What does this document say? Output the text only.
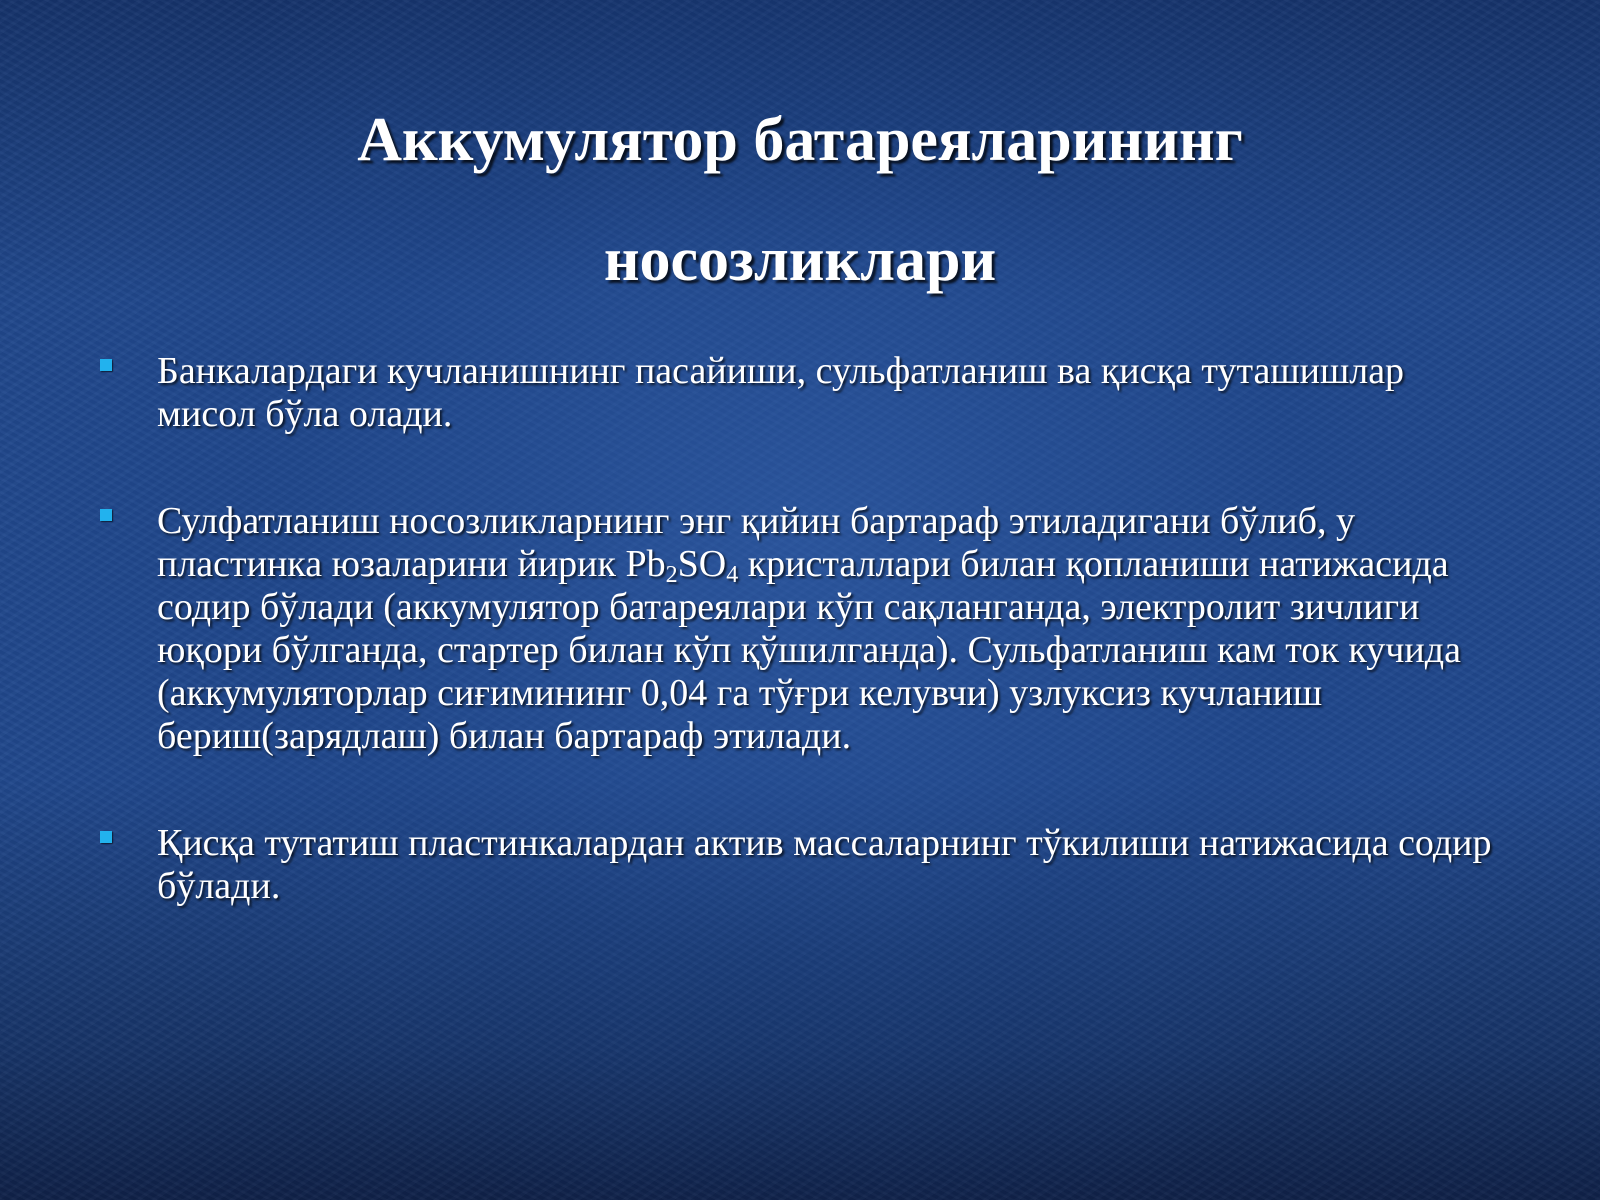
Аккумулятор батареяларининг
носозликлари
Банкалардаги кучланишнинг пасайиши, сульфатланиш ва қисқа туташишлар мисол бўла олади.
Сулфатланиш носозликларнинг энг қийин бартараф этиладигани бўлиб, у пластинка юзаларини йирик $Pb_2SO_4$ кристаллари билан қопланиши натижасида содир бўлади (аккумулятор батареялари кўп сақланганда, электролит зичлиги юқори бўлганда, стартер билан кўп қўшилганда). Сульфатланиш кам ток кучида (аккумуляторлар сиғимининг 0,04 га тўғри келувчи) узлуксиз кучланиш бериш(зарядлаш) билан бартараф этилади.
Қисқа тутатиш пластинкалардан актив массаларнинг тўкилиши натижасида содир бўлади.
